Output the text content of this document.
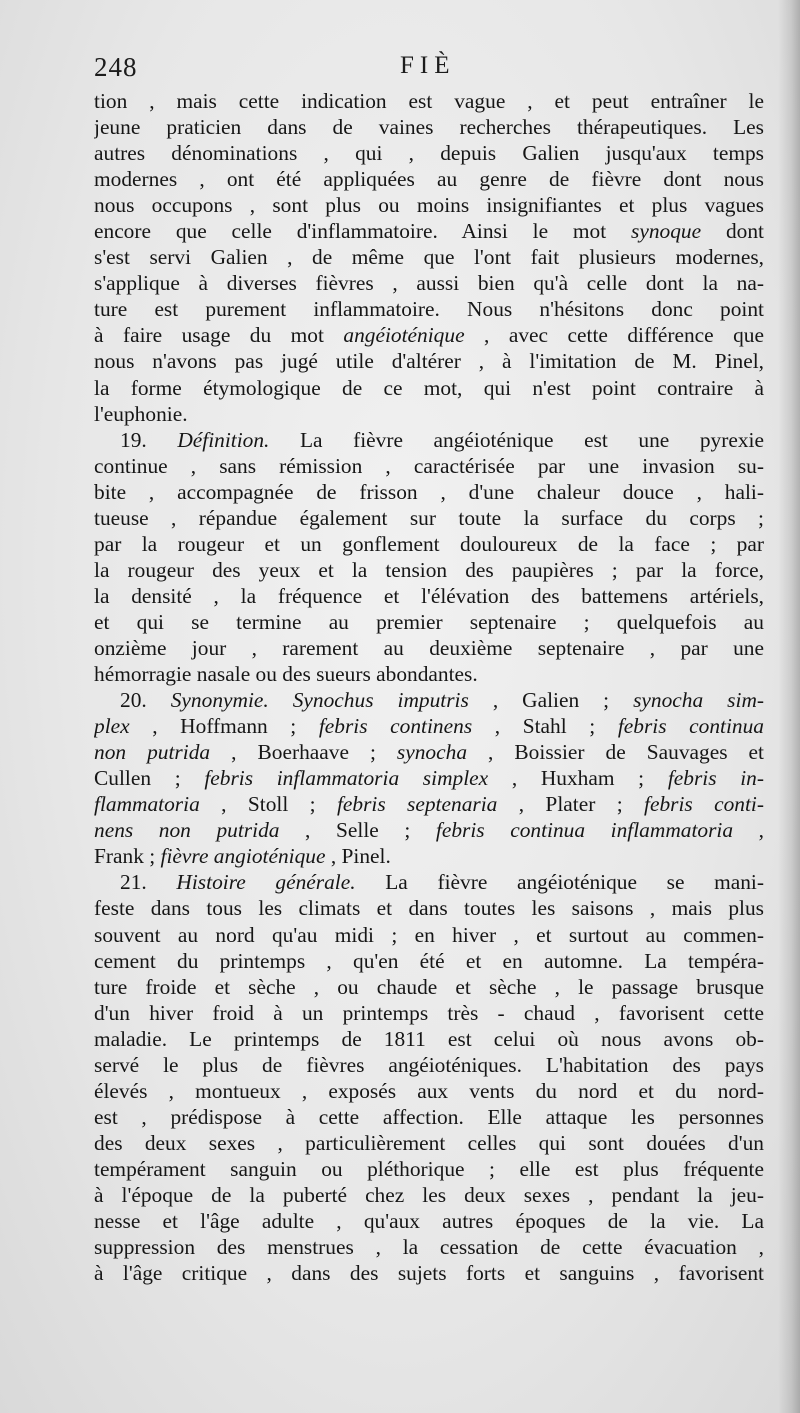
248	FIÈ
tion , mais cette indication est vague , et peut entraîner le
jeune praticien dans de vaines recherches thérapeutiques. Les
autres dénominations , qui , depuis Galien jusqu'aux temps
modernes , ont été appliquées au genre de fièvre dont nous
nous occupons , sont plus ou moins insignifiantes et plus vagues
encore que celle d'inflammatoire. Ainsi le mot synoque dont
s'est servi Galien , de même que l'ont fait plusieurs modernes,
s'applique à diverses fièvres , aussi bien qu'à celle dont la na-
ture est purement inflammatoire. Nous n'hésitons donc point
à faire usage du mot angéioténique , avec cette différence que
nous n'avons pas jugé utile d'altérer , à l'imitation de M. Pinel,
la forme étymologique de ce mot, qui n'est point contraire à
l'euphonie.
19. Définition. La fièvre angéioténique est une pyrexie
continue , sans rémission , caractérisée par une invasion su-
bite , accompagnée de frisson , d'une chaleur douce , hali-
tueuse , répandue également sur toute la surface du corps ;
par la rougeur et un gonflement douloureux de la face ; par
la rougeur des yeux et la tension des paupières ; par la force,
la densité , la fréquence et l'élévation des battemens artériels,
et qui se termine au premier septenaire ; quelquefois au
onzième jour , rarement au deuxième septenaire , par une
hémorragie nasale ou des sueurs abondantes.
20. Synonymie. Synochus imputris , Galien ; synocha sim-
plex , Hoffmann ; febris continens , Stahl ; febris continua
non putrida , Boerhaave ; synocha , Boissier de Sauvages et
Cullen ; febris inflammatoria simplex , Huxham ; febris in-
flammatoria , Stoll ; febris septenaria , Plater ; febris conti-
nens non putrida , Selle ; febris continua inflammatoria ,
Frank ; fièvre angioténique , Pinel.
21. Histoire générale. La fièvre angéioténique se mani-
feste dans tous les climats et dans toutes les saisons , mais plus
souvent au nord qu'au midi ; en hiver , et surtout au commen-
cement du printemps , qu'en été et en automne. La tempéra-
ture froide et sèche , ou chaude et sèche , le passage brusque
d'un hiver froid à un printemps très - chaud , favorisent cette
maladie. Le printemps de 1811 est celui où nous avons ob-
servé le plus de fièvres angéioténiques. L'habitation des pays
élevés , montueux , exposés aux vents du nord et du nord-
est , prédispose à cette affection. Elle attaque les personnes
des deux sexes , particulièrement celles qui sont douées d'un
tempérament sanguin ou pléthorique ; elle est plus fréquente
à l'époque de la puberté chez les deux sexes , pendant la jeu-
nesse et l'âge adulte , qu'aux autres époques de la vie. La
suppression des menstrues , la cessation de cette évacuation ,
à l'âge critique , dans des sujets forts et sanguins , favorisent
